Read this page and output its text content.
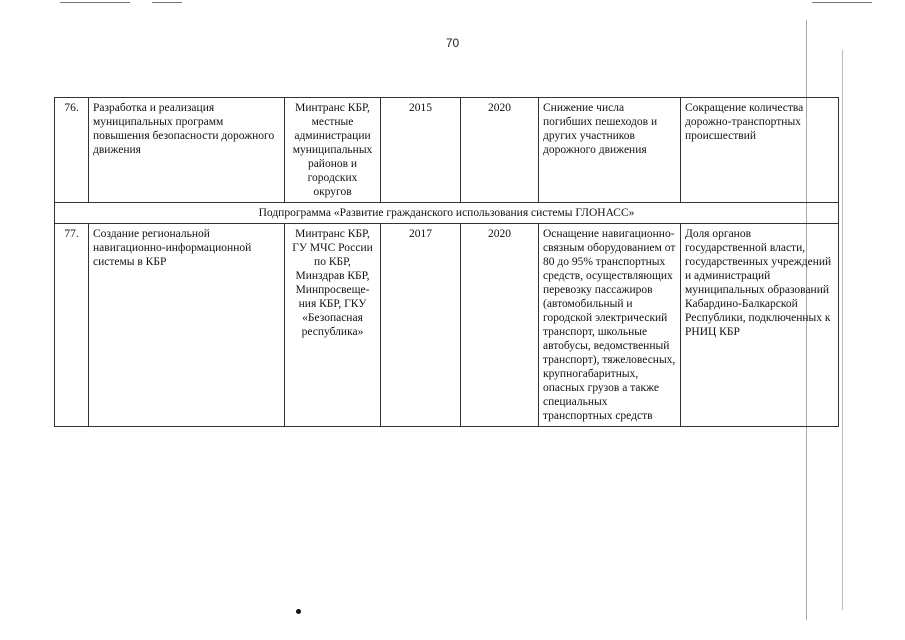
70
76.	Разработка и реализация муниципальных программ повышения безопасности дорожного движения	Минтранс КБР, местные администрации муниципальных районов и городских округов	2015	2020	Снижение числа погибших пешеходов и других участников дорожного движения	Сокращение количества дорожно-транспортных происшествий
Подпрограмма «Развитие гражданского использования системы ГЛОНАСС»						
77.	Создание региональной навигационно-информационной системы в КБР	Минтранс КБР, ГУ МЧС России по КБР, Минздрав КБР, Минпросвеще-ния КБР, ГКУ «Безопасная республика»	2017	2020	Оснащение навигационно-связным оборудованием от 80 до 95% транспортных средств, осуществляющих перевозку пассажиров (автомобильный и городской электрический транспорт, школьные автобусы, ведомственный транспорт), тяжеловесных, крупногабаритных, опасных грузов а также специальных транспортных средств	Доля органов государственной власти, государственных учреждений и администраций муниципальных образований Кабардино-Балкарской Республики, подключенных к РНИЦ КБР
